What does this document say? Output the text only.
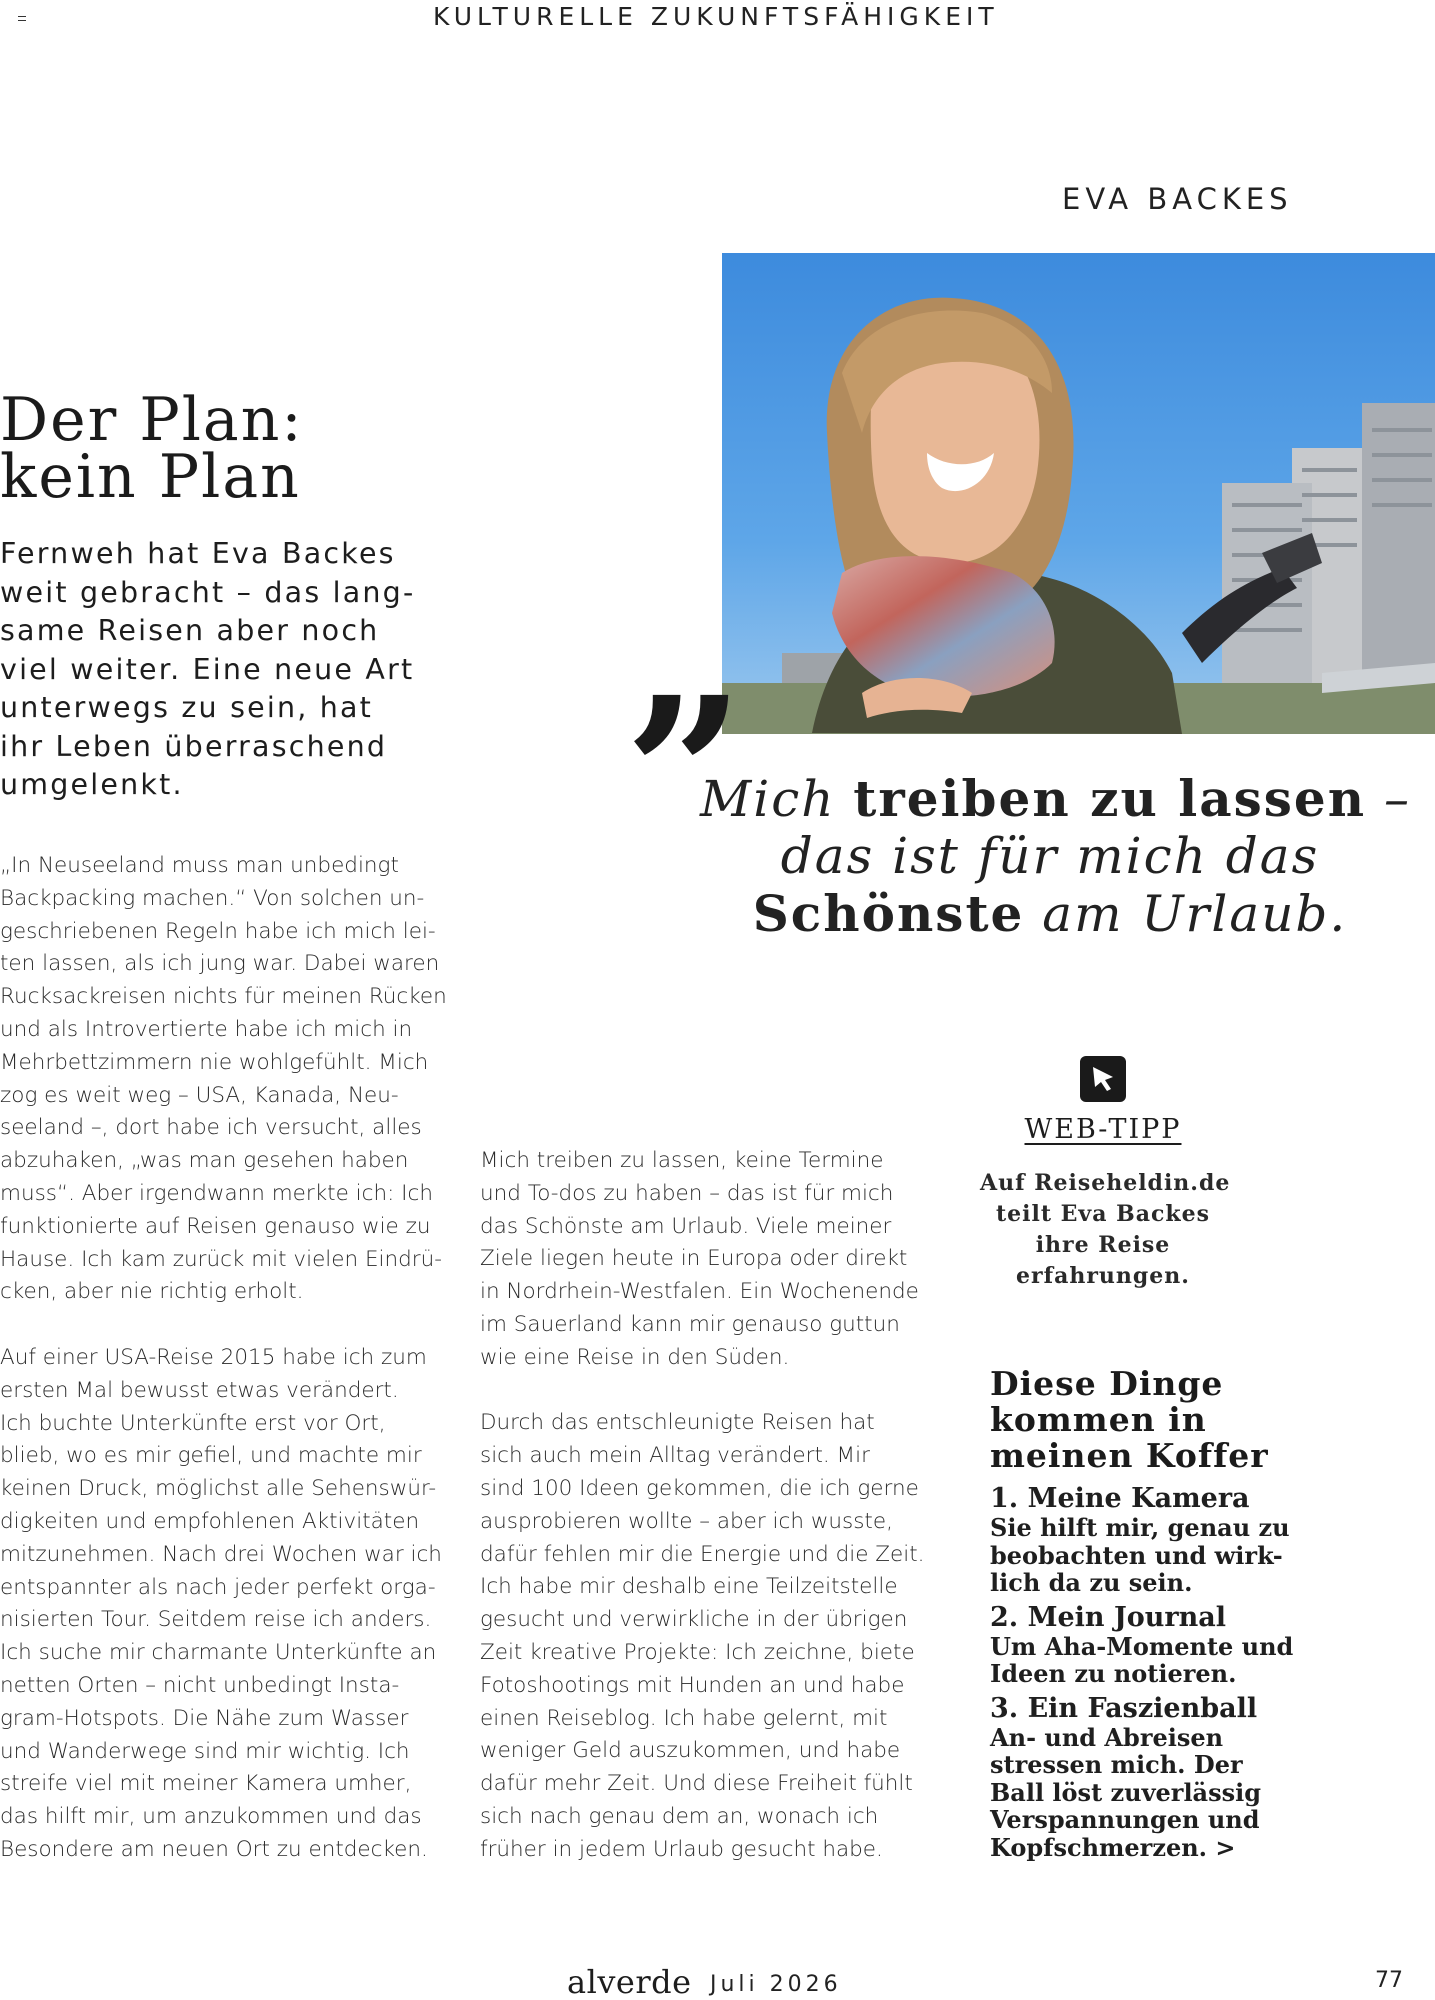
KULTURELLE ZUKUNFTSFÄHIGKEIT
EVA BACKES
Der Plan:
kein Plan
Fernweh hat Eva Backes
weit gebracht – das lang-
same Reisen aber noch
viel weiter. Eine neue Art
unterwegs zu sein, hat
ihr Leben überraschend
umgelenkt.
„In Neuseeland muss man unbedingt
Backpacking machen.“ Von solchen un-
geschriebenen Regeln habe ich mich lei-
ten lassen, als ich jung war. Dabei waren
Rucksackreisen nichts für meinen Rücken
und als Introvertierte habe ich mich in
Mehrbettzimmern nie wohlgefühlt. Mich
zog es weit weg – USA, Kanada, Neu-
seeland –, dort habe ich versucht, alles
abzuhaken, „was man gesehen haben
muss“. Aber irgendwann merkte ich: Ich
funktionierte auf Reisen genauso wie zu
Hause. Ich kam zurück mit vielen Eindrü-
cken, aber nie richtig erholt.
Auf einer USA-Reise 2015 habe ich zum
ersten Mal bewusst etwas verändert.
Ich buchte Unterkünfte erst vor Ort,
blieb, wo es mir gefiel, und machte mir
keinen Druck, möglichst alle Sehenswür-
digkeiten und empfohlenen Aktivitäten
mitzunehmen. Nach drei Wochen war ich
entspannter als nach jeder perfekt orga-
nisierten Tour. Seitdem reise ich anders.
Ich suche mir charmante Unterkünfte an
netten Orten – nicht unbedingt Insta-
gram-Hotspots. Die Nähe zum Wasser
und Wanderwege sind mir wichtig. Ich
streife viel mit meiner Kamera umher,
das hilft mir, um anzukommen und das
Besondere am neuen Ort zu entdecken.
”
Mich treiben zu lassen –
das ist für mich das
Schönste am Urlaub.
Mich treiben zu lassen, keine Termine
und To-dos zu haben – das ist für mich
das Schönste am Urlaub. Viele meiner
Ziele liegen heute in Europa oder direkt
in Nordrhein-Westfalen. Ein Wochenende
im Sauerland kann mir genauso guttun
wie eine Reise in den Süden.
Durch das entschleunigte Reisen hat
sich auch mein Alltag verändert. Mir
sind 100 Ideen gekommen, die ich gerne
ausprobieren wollte – aber ich wusste,
dafür fehlen mir die Energie und die Zeit.
Ich habe mir deshalb eine Teilzeitstelle
gesucht und verwirkliche in der übrigen
Zeit kreative Projekte: Ich zeichne, biete
Fotoshootings mit Hunden an und habe
einen Reiseblog. Ich habe gelernt, mit
weniger Geld auszukommen, und habe
dafür mehr Zeit. Und diese Freiheit fühlt
sich nach genau dem an, wonach ich
früher in jedem Urlaub gesucht habe.
WEB-TIPP
Auf Reiseheldin.de
teilt Eva Backes
ihre Reise
erfahrungen.
Diese Dinge
kommen in
meinen Koffer
1. Meine Kamera
Sie hilft mir, genau zu
beobachten und wirk-
lich da zu sein.
2. Mein Journal
Um Aha-Momente und
Ideen zu notieren.
3. Ein Faszienball
An- und Abreisen
stressen mich. Der
Ball löst zuverlässig
Verspannungen und
Kopfschmerzen. >
alverde Juli 2026	77
